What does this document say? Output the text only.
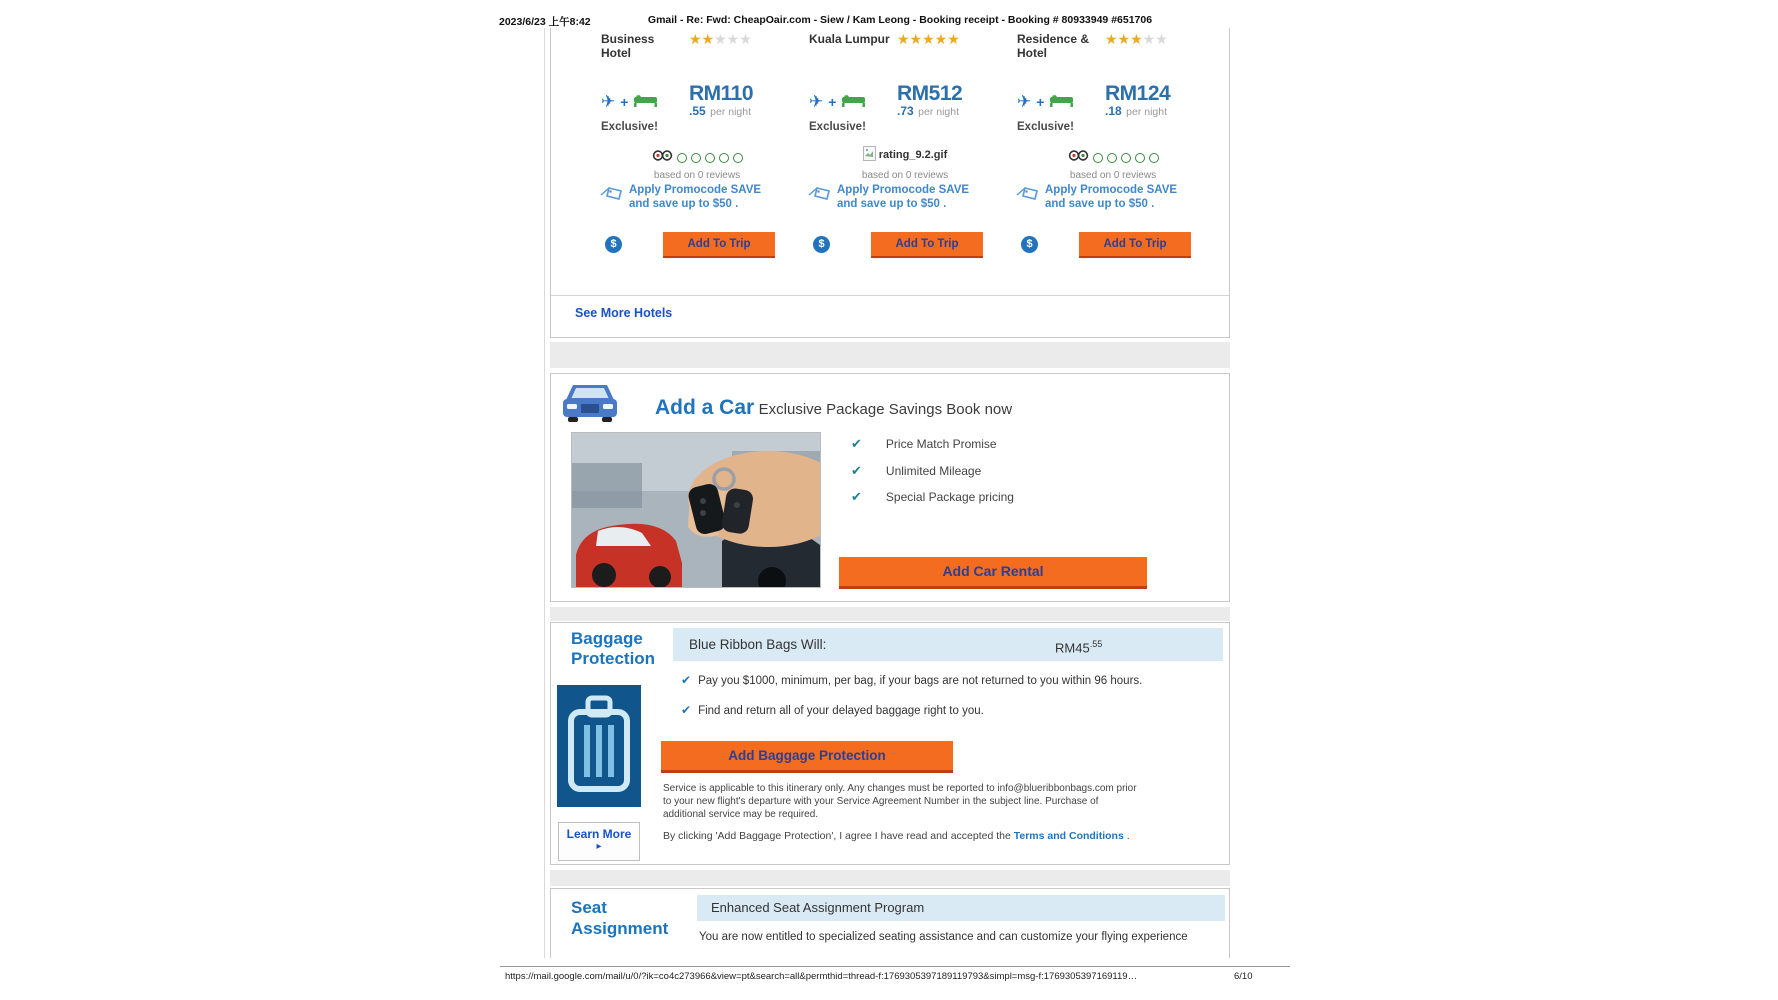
2023/6/23 上午8:42	Gmail - Re: Fwd: CheapOair.com - Siew / Kam Leong - Booking receipt - Booking # 80933949 #651706
Business Hotel
★★★★★
✈ +
Exclusive!
RM110
.55 per night
based on 0 reviews
Apply Promocode SAVE
and save up to $50 .
$	Add To Trip
Kuala Lumpur ★★★★★
✈ +
Exclusive!
RM512
.73 per night
rating_9.2.gif
based on 0 reviews
Apply Promocode SAVE
and save up to $50 .
$	Add To Trip
Residence & Hotel
★★★★★
✈ +
Exclusive!
RM124
.18 per night
based on 0 reviews
Apply Promocode SAVE
and save up to $50 .
$	Add To Trip
See More Hotels
Add a Car Exclusive Package Savings Book now
✔ Price Match Promise
✔ Unlimited Mileage
✔ Special Package pricing
Add Car Rental
Baggage
Protection
Blue Ribbon Bags Will:	$RM45^{.55}$
✔ Pay you $1000, minimum, per bag, if your bags are not returned to you within 96 hours.
✔ Find and return all of your delayed baggage right to you.
Add Baggage Protection
Service is applicable to this itinerary only. Any changes must be reported to info@blueribbonbags.com prior to your new flight's departure with your Service Agreement Number in the subject line. Purchase of additional service may be required.
By clicking 'Add Baggage Protection', I agree I have read and accepted the Terms and Conditions .
Learn More
▸
Seat
Assignment
Enhanced Seat Assignment Program
You are now entitled to specialized seating assistance and can customize your flying experience
https://mail.google.com/mail/u/0/?ik=co4c273966&view=pt&search=all&permthid=thread-f:1769305397189119793&simpl=msg-f:1769305397169119…	6/10
